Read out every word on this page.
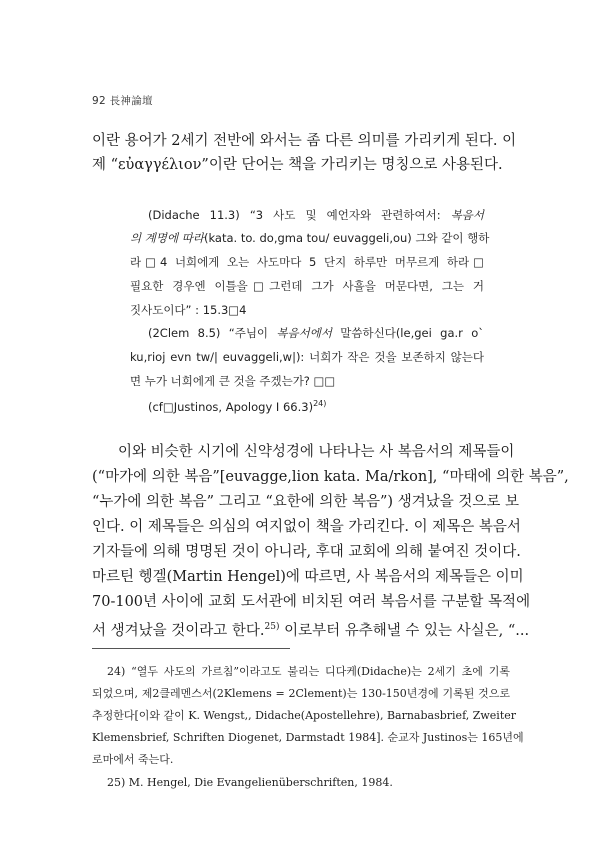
92 長神論壇
이란 용어가 2세기 전반에 와서는 좀 다른 의미를 가리키게 된다. 이
제 “εὐαγγέλιον”이란 단어는 책을 가리키는 명칭으로 사용된다.
(Didache 11.3) “3 사도 및 예언자와 관련하여서: 복음서
의 계명에 따라(kata. to. do,gma tou/ euvaggeli,ou) 그와 같이 행하
라□4 너희에게 오는 사도마다 5 단지 하루만 머무르게 하라□
필요한 경우엔 이틀을□그런데 그가 사흘을 머문다면, 그는 거
짓사도이다” : 15.3□4
(2Clem 8.5) “주님이 복음서에서 말씀하신다(le,gei ga.r o`
ku,rioj evn tw/| euvaggeli,w|): 너희가 작은 것을 보존하지 않는다
면 누가 너희에게 큰 것을 주겠는가? □□
(cf□Justinos, Apology I 66.3)$^{24)}$
이와 비슷한 시기에 신약성경에 나타나는 사 복음서의 제목들이
(“마가에 의한 복음”[euvagge,lion kata. Ma/rkon], “마태에 의한 복음”,
“누가에 의한 복음” 그리고 “요한에 의한 복음”) 생겨났을 것으로 보
인다. 이 제목들은 의심의 여지없이 책을 가리킨다. 이 제목은 복음서
기자들에 의해 명명된 것이 아니라, 후대 교회에 의해 붙여진 것이다.
마르틴 헹겔(Martin Hengel)에 따르면, 사 복음서의 제목들은 이미
70-100년 사이에 교회 도서관에 비치된 여러 복음서를 구분할 목적에
서 생겨났을 것이라고 한다.$^{25)}$ 이로부터 유추해낼 수 있는 사실은, “...
24) “열두 사도의 가르침”이라고도 불리는 디다케(Didache)는 2세기 초에 기록
되었으며, 제2클레멘스서(2Klemens = 2Clement)는 130-150년경에 기록된 것으로
추정한다[이와 같이 K. Wengst,, Didache(Apostellehre), Barnabasbrief, Zweiter
Klemensbrief, Schriften Diogenet, Darmstadt 1984]. 순교자 Justinos는 165년에
로마에서 죽는다.
25) M. Hengel, Die Evangelienüberschriften, 1984.
